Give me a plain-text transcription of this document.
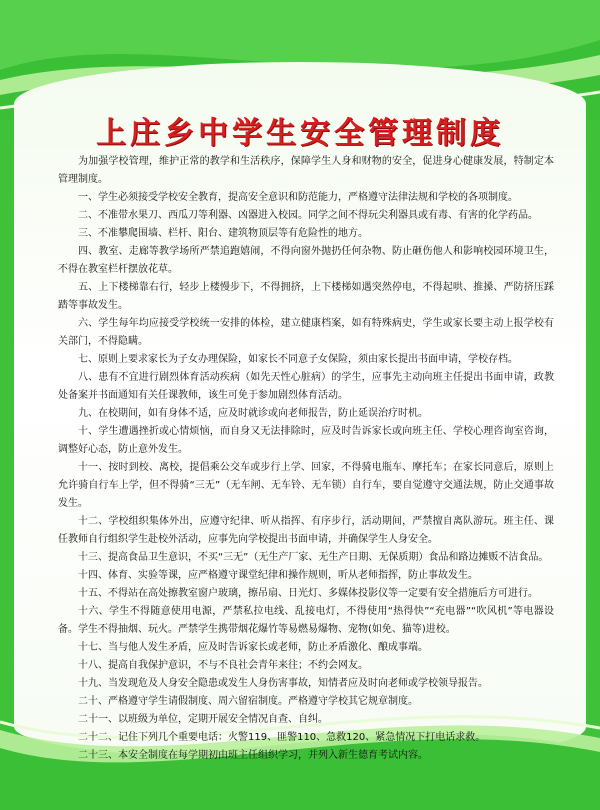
上庄乡中学生安全管理制度

为加强学校管理，维护正常的教学和生活秩序，保障学生人身和财物的安全，促进身心健康发展，特制定本管理制度。

一、学生必须接受学校安全教育，提高安全意识和防范能力，严格遵守法律法规和学校的各项制度。

二、不准带水果刀、西瓜刀等利器、凶器进入校园。同学之间不得玩尖利器具或有毒、有害的化学药品。

三、不准攀爬围墙、栏杆、阳台、建筑物顶层等有危险性的地方。

四、教室、走廊等教学场所严禁追跑嬉闹，不得向窗外抛扔任何杂物、防止砸伤他人和影响校园环境卫生，不得在教室栏杆摆放花草。

五、上下楼梯靠右行，轻步上楼慢步下，不得拥挤，上下楼梯如遇突然停电，不得起哄、推搡、严防挤压踩踏等事故发生。

六、学生每年均应接受学校统一安排的体检，建立健康档案，如有特殊病史，学生或家长要主动上报学校有关部门，不得隐瞒。

七、原则上要求家长为子女办理保险，如家长不同意子女保险，须由家长提出书面申请，学校存档。

八、患有不宜进行剧烈体育活动疾病（如先天性心脏病）的学生，应事先主动向班主任提出书面申请，政教处备案并书面通知有关任课教师，该生可免于参加剧烈体育活动。

九、在校期间，如有身体不适，应及时就诊或向老师报告，防止延误治疗时机。

十、学生遭遇挫折或心情烦恼，而自身又无法排除时，应及时告诉家长或向班主任、学校心理咨询室咨询，调整好心态，防止意外发生。

十一、按时到校、离校，提倡乘公交车或步行上学、回家，不得骑电瓶车、摩托车；在家长同意后，原则上允许骑自行车上学，但不得骑“三无”（无车闸、无车铃、无车锁）自行车，要自觉遵守交通法规，防止交通事故发生。

十二、学校组织集体外出，应遵守纪律、听从指挥、有序步行，活动期间，严禁擅自离队游玩。班主任、课任教师自行组织学生赴校外活动，应事先向学校提出书面申请，并确保学生人身安全。

十三、提高食品卫生意识，不买“三无”（无生产厂家、无生产日期、无保质期）食品和路边摊贩不洁食品。

十四、体育、实验等课，应严格遵守课堂纪律和操作规则，听从老师指挥，防止事故发生。

十五、不得站在高处擦教室窗户玻璃，擦吊扇、日光灯、多媒体投影仪等一定要有安全措施后方可进行。

十六、学生不得随意使用电源，严禁私拉电线、乱接电灯，不得使用“热得快”“充电器”“吹风机”等电器设备。学生不得抽烟、玩火。严禁学生携带烟花爆竹等易燃易爆物、宠物(如免、猫等)进校。

十七、当与他人发生矛盾，应及时告诉家长或老师，防止矛盾激化、酿成事端。

十八、提高自我保护意识，不与不良社会青年来往；不约会网友。

十九、当发现危及人身安全隐患或发生人身伤害事故，知情者应及时向老师或学校领导报告。

二十、严格遵守学生请假制度、周六留宿制度。严格遵守学校其它规章制度。

二十一、以班级为单位，定期开展安全情况自查、自纠。

二十二、记住下列几个重要电话：火警119、匪警110、急救120、紧急情况下打电话求救。

二十三、本安全制度在每学期初由班主任组织学习，并列入新生德育考试内容。
